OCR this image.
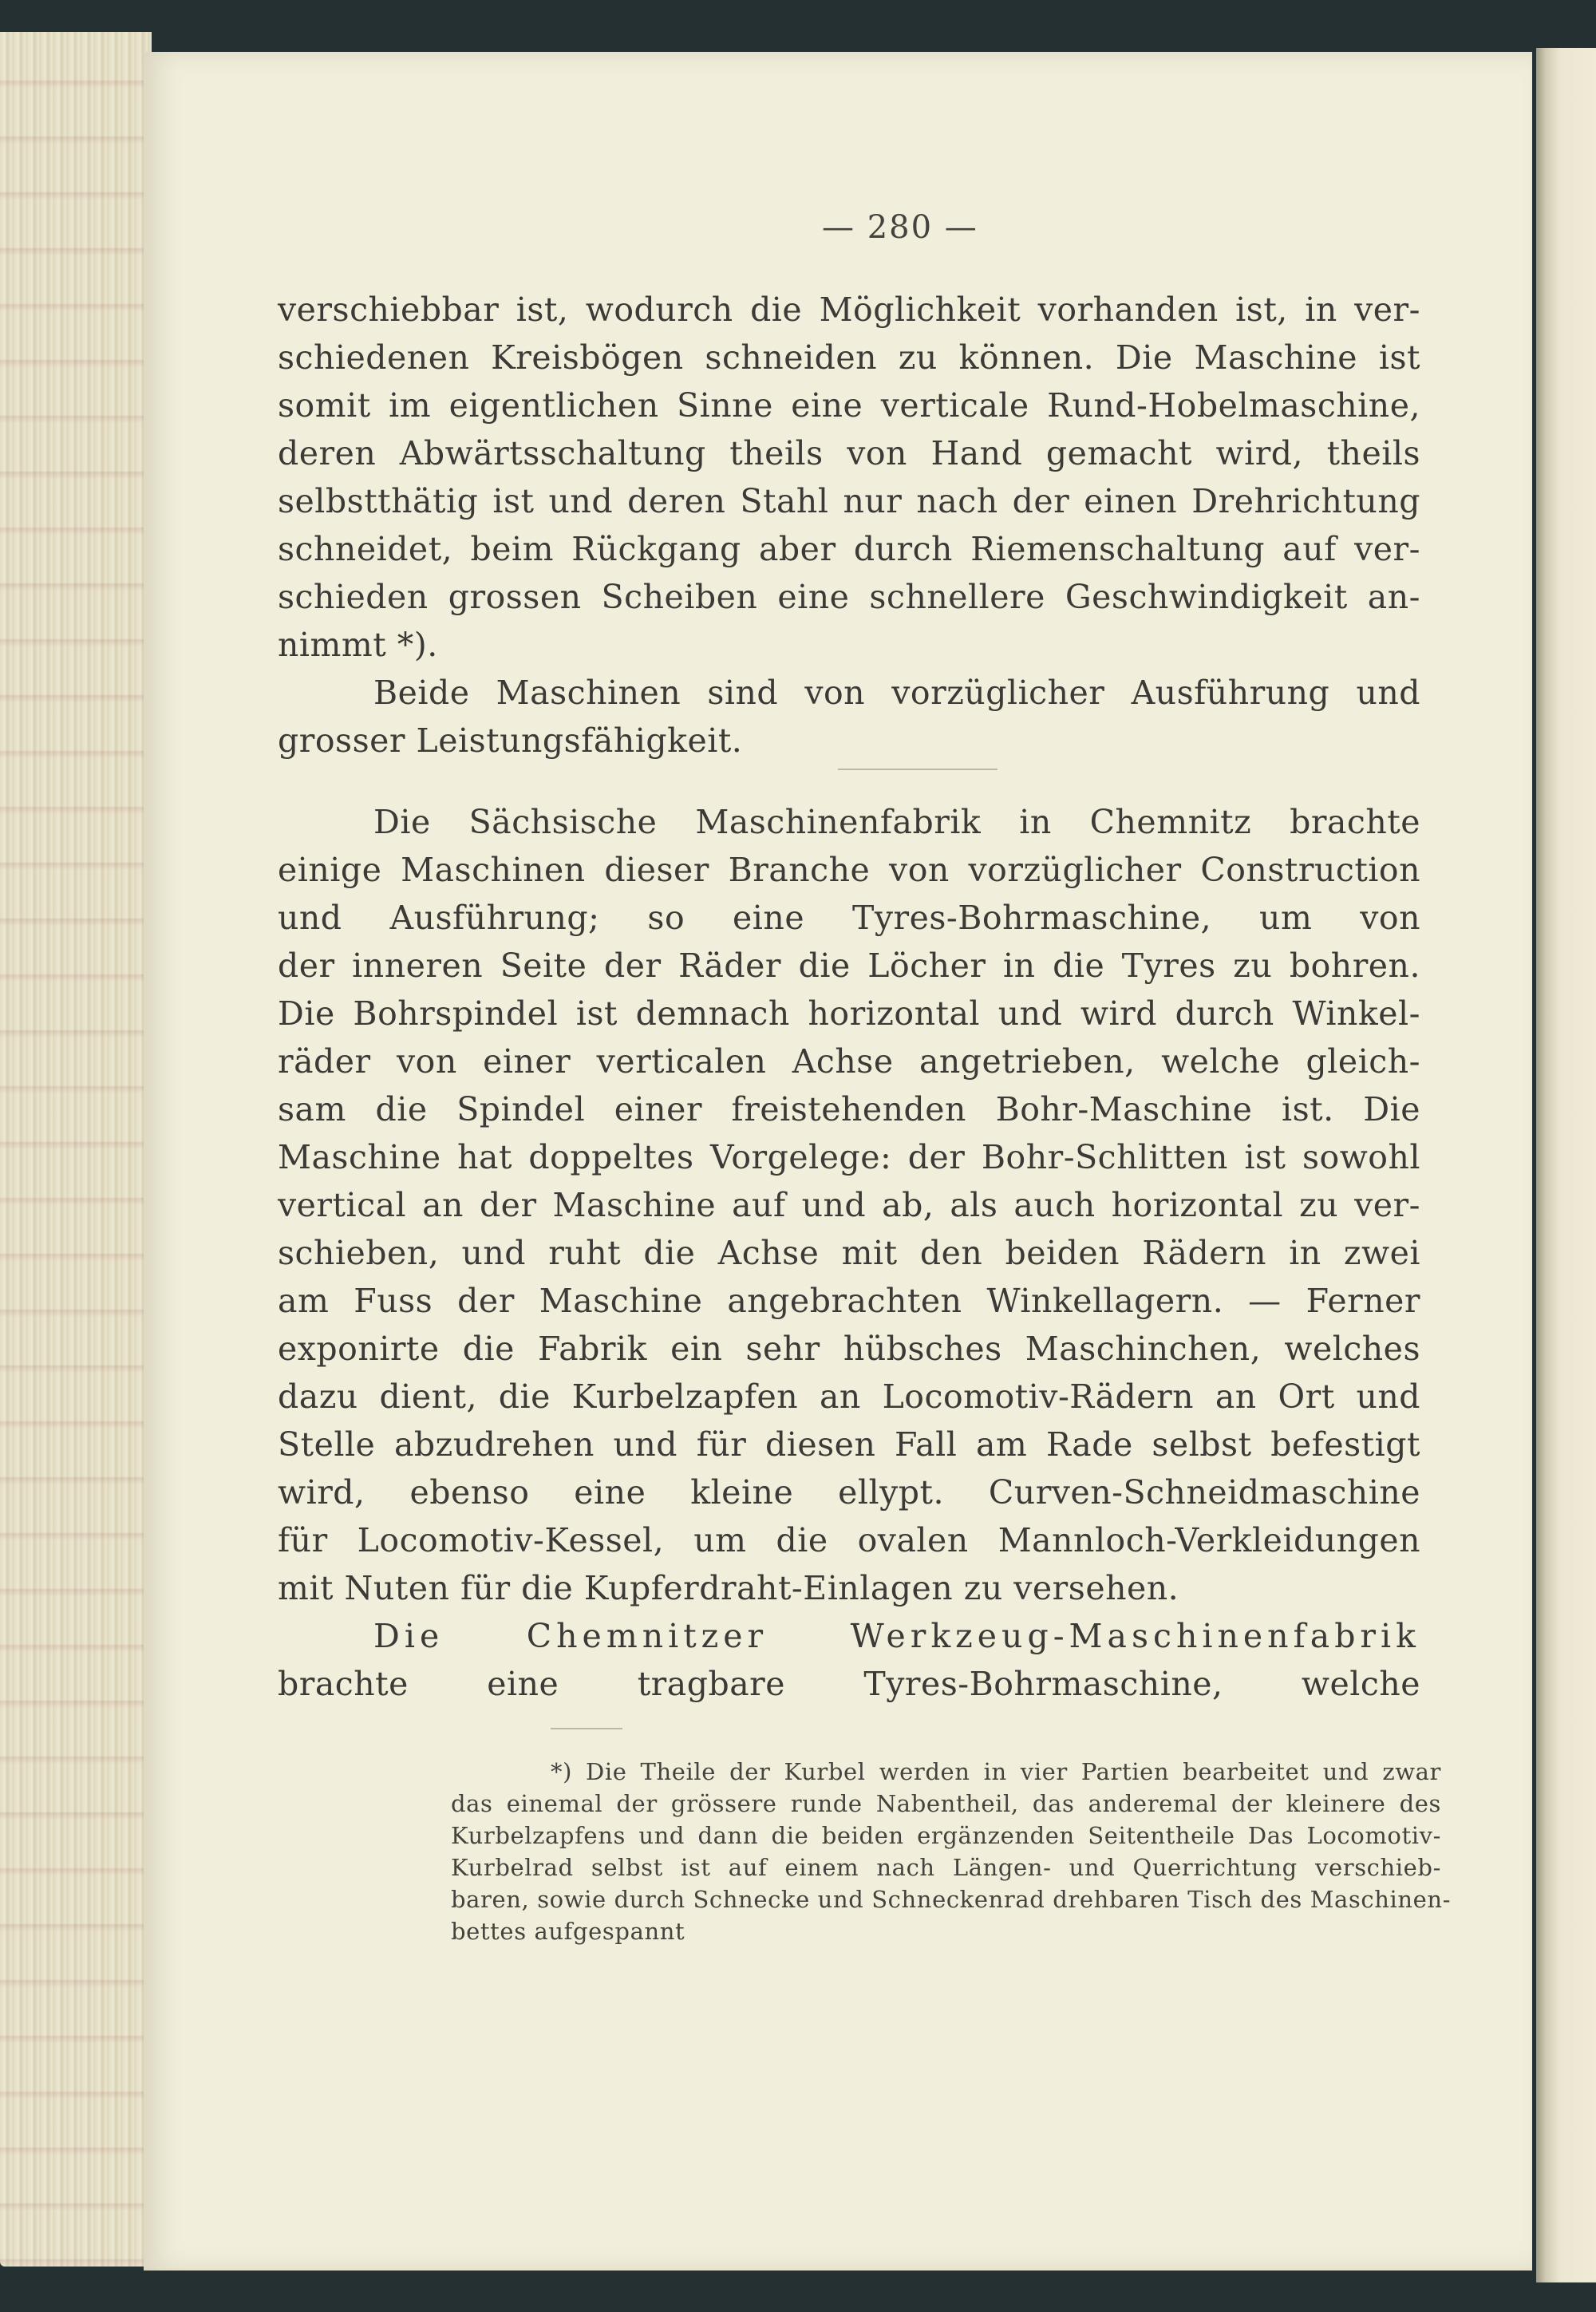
— 280 —
verschiebbar ist, wodurch die Möglichkeit vorhanden ist, in ver-
schiedenen Kreisbögen schneiden zu können. Die Maschine ist
somit im eigentlichen Sinne eine verticale Rund-Hobelmaschine,
deren Abwärtsschaltung theils von Hand gemacht wird, theils
selbstthätig ist und deren Stahl nur nach der einen Drehrichtung
schneidet, beim Rückgang aber durch Riemenschaltung auf ver-
schieden grossen Scheiben eine schnellere Geschwindigkeit an-
nimmt *).
Beide Maschinen sind von vorzüglicher Ausführung und
grosser Leistungsfähigkeit.
Die Sächsische Maschinenfabrik in Chemnitz brachte
einige Maschinen dieser Branche von vorzüglicher Construction
und Ausführung; so eine Tyres-Bohrmaschine, um von
der inneren Seite der Räder die Löcher in die Tyres zu bohren.
Die Bohrspindel ist demnach horizontal und wird durch Winkel-
räder von einer verticalen Achse angetrieben, welche gleich-
sam die Spindel einer freistehenden Bohr-Maschine ist. Die
Maschine hat doppeltes Vorgelege: der Bohr-Schlitten ist sowohl
vertical an der Maschine auf und ab, als auch horizontal zu ver-
schieben, und ruht die Achse mit den beiden Rädern in zwei
am Fuss der Maschine angebrachten Winkellagern. — Ferner
exponirte die Fabrik ein sehr hübsches Maschinchen, welches
dazu dient, die Kurbelzapfen an Locomotiv-Rädern an Ort und
Stelle abzudrehen und für diesen Fall am Rade selbst befestigt
wird, ebenso eine kleine ellypt. Curven-Schneidmaschine
für Locomotiv-Kessel, um die ovalen Mannloch-Verkleidungen
mit Nuten für die Kupferdraht-Einlagen zu versehen.
Die Chemnitzer Werkzeug-Maschinenfabrik
brachte eine tragbare Tyres-Bohrmaschine, welche
*) Die Theile der Kurbel werden in vier Partien bearbeitet und zwar
das einemal der grössere runde Nabentheil, das anderemal der kleinere des
Kurbelzapfens und dann die beiden ergänzenden Seitentheile Das Locomotiv-
Kurbelrad selbst ist auf einem nach Längen- und Querrichtung verschieb-
baren, sowie durch Schnecke und Schneckenrad drehbaren Tisch des Maschinen-
bettes aufgespannt
